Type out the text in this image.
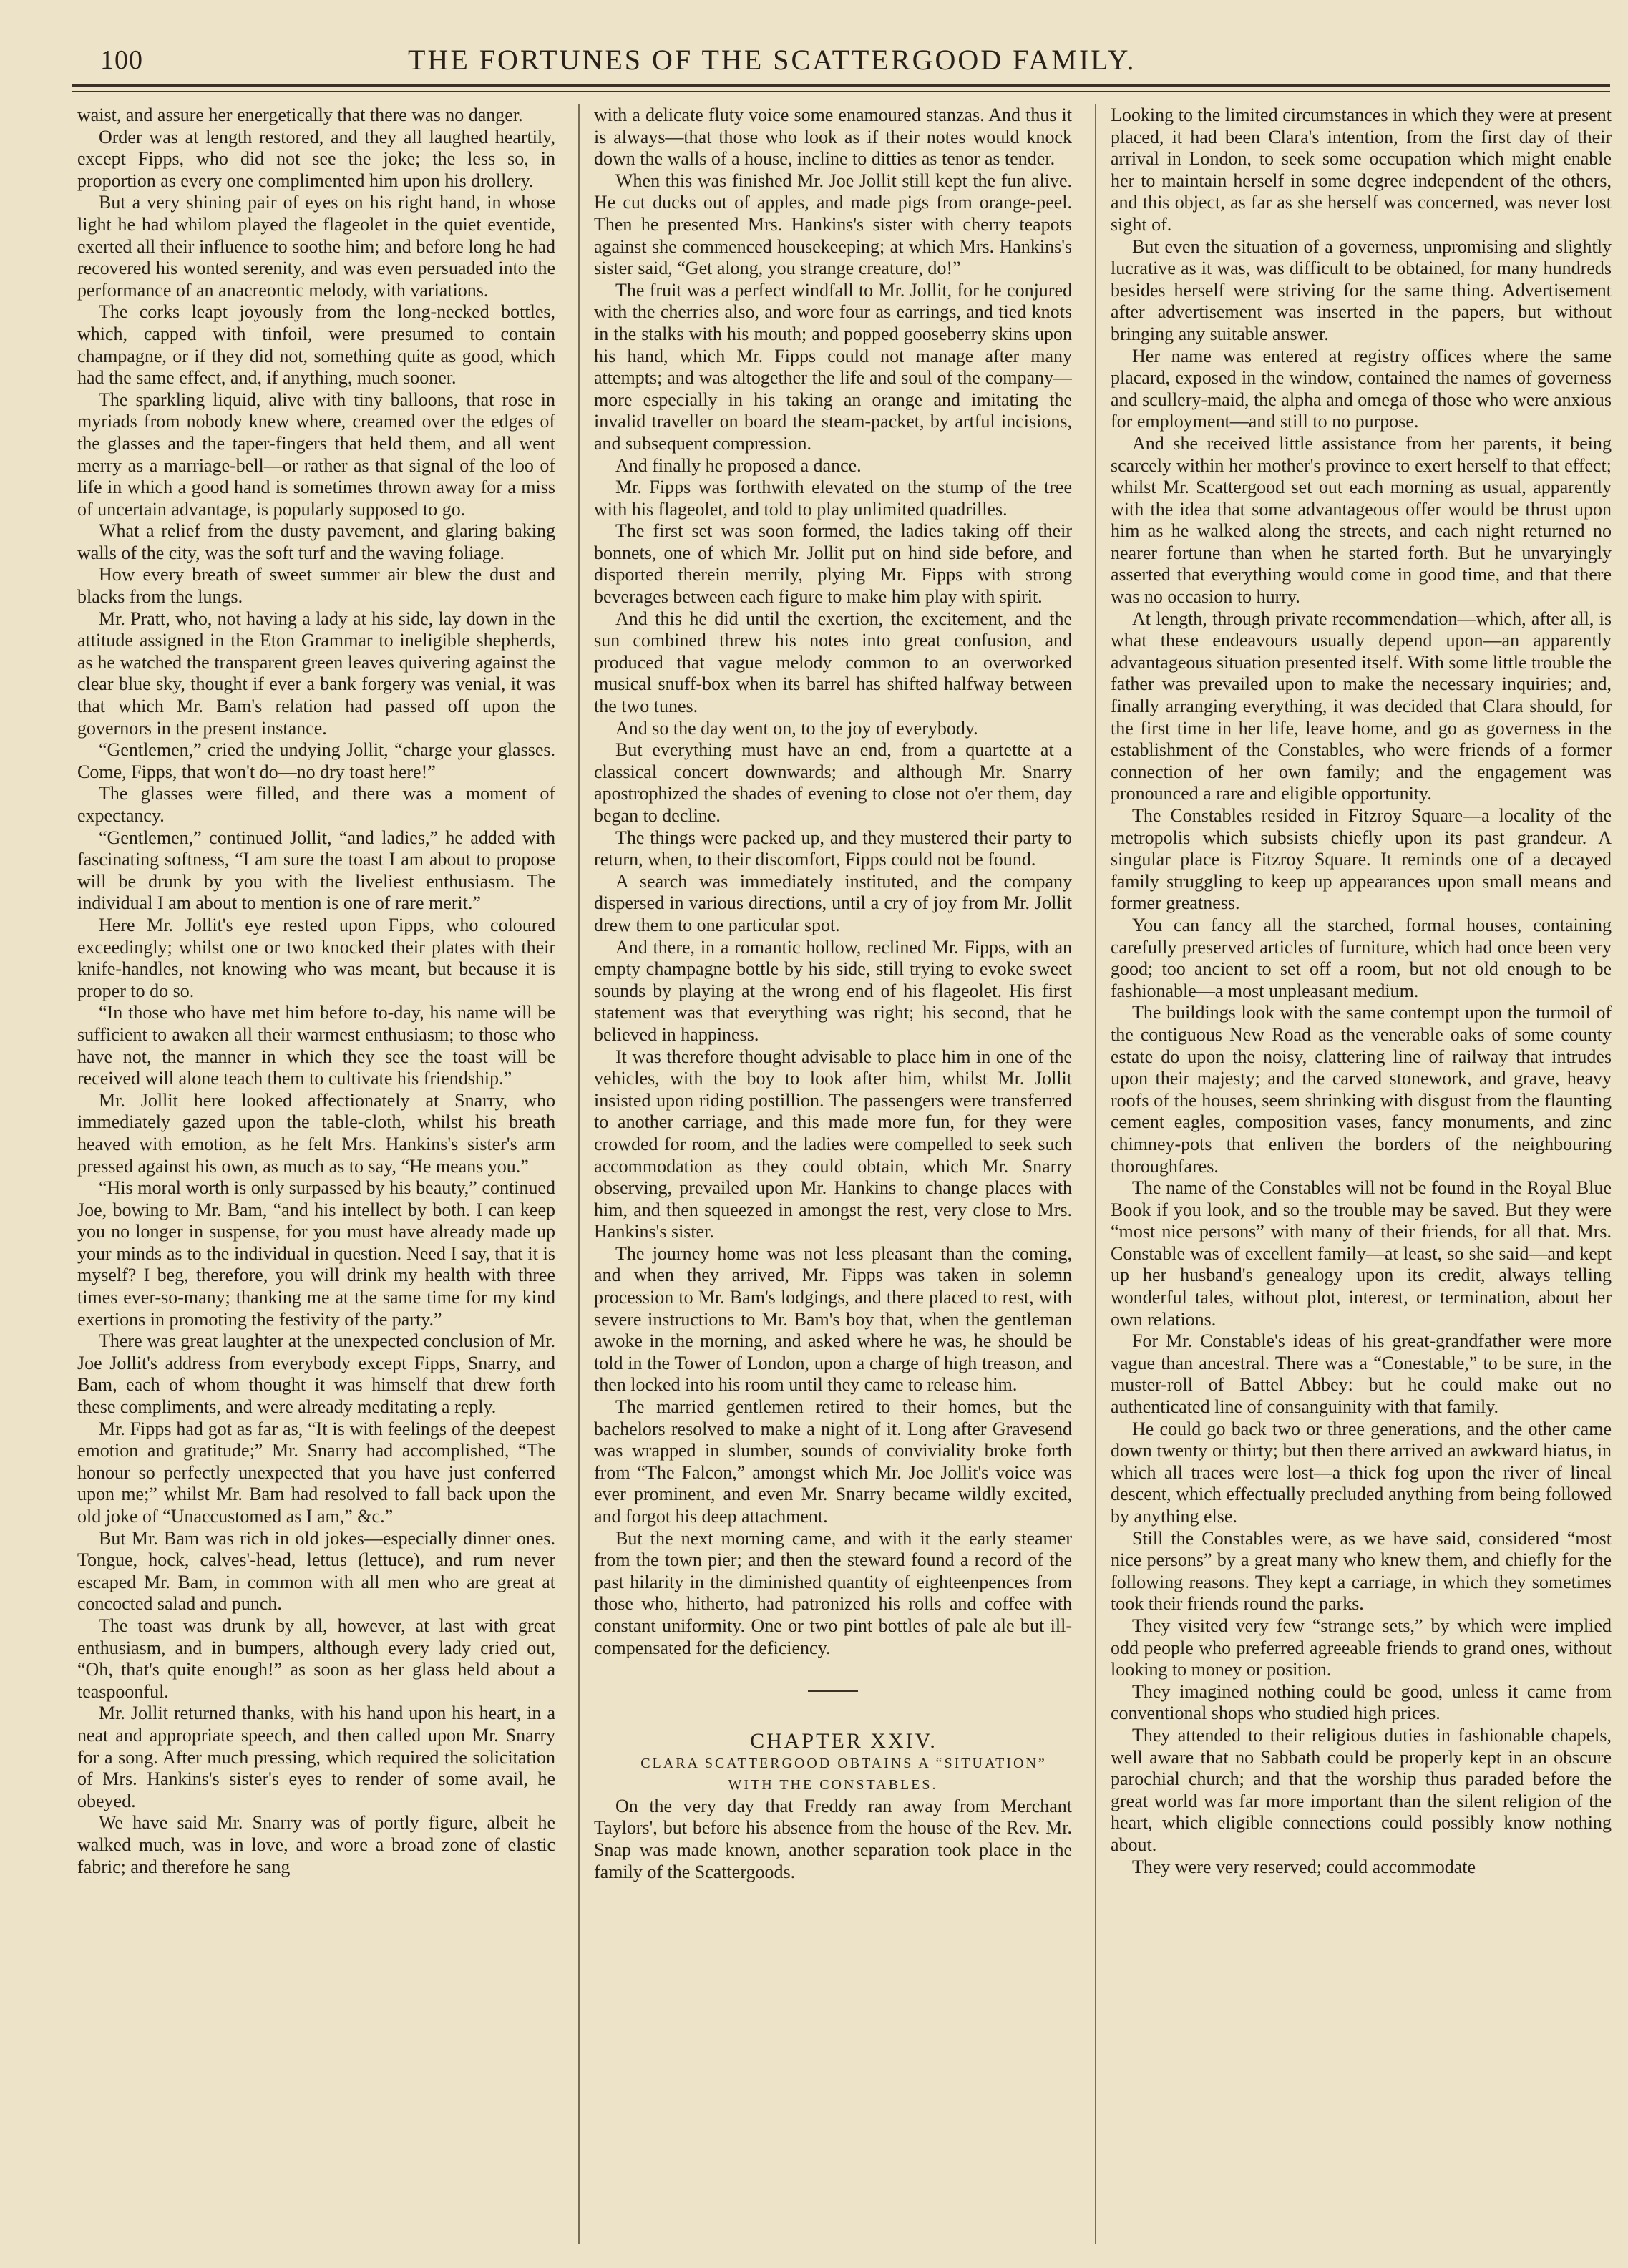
100	THE FORTUNES OF THE SCATTERGOOD FAMILY.

waist, and assure her energetically that there was no danger.

Order was at length restored, and they all laughed heartily, except Fipps, who did not see the joke; the less so, in proportion as every one complimented him upon his drollery.

But a very shining pair of eyes on his right hand, in whose light he had whilom played the flageolet in the quiet eventide, exerted all their influence to soothe him; and before long he had recovered his wonted serenity, and was even persuaded into the performance of an anacreontic melody, with variations.

The corks leapt joyously from the long-necked bottles, which, capped with tinfoil, were presumed to contain champagne, or if they did not, something quite as good, which had the same effect, and, if anything, much sooner.

The sparkling liquid, alive with tiny balloons, that rose in myriads from nobody knew where, creamed over the edges of the glasses and the taper-fingers that held them, and all went merry as a marriage-bell—or rather as that signal of the loo of life in which a good hand is sometimes thrown away for a miss of uncertain advantage, is popularly supposed to go.

What a relief from the dusty pavement, and glaring baking walls of the city, was the soft turf and the waving foliage.

How every breath of sweet summer air blew the dust and blacks from the lungs.

Mr. Pratt, who, not having a lady at his side, lay down in the attitude assigned in the Eton Grammar to ineligible shepherds, as he watched the transparent green leaves quivering against the clear blue sky, thought if ever a bank forgery was venial, it was that which Mr. Bam's relation had passed off upon the governors in the present instance.

“Gentlemen,” cried the undying Jollit, “charge your glasses. Come, Fipps, that won't do—no dry toast here!”

The glasses were filled, and there was a moment of expectancy.

“Gentlemen,” continued Jollit, “and ladies,” he added with fascinating softness, “I am sure the toast I am about to propose will be drunk by you with the liveliest enthusiasm. The individual I am about to mention is one of rare merit.”

Here Mr. Jollit's eye rested upon Fipps, who coloured exceedingly; whilst one or two knocked their plates with their knife-handles, not knowing who was meant, but because it is proper to do so.

“In those who have met him before to-day, his name will be sufficient to awaken all their warmest enthusiasm; to those who have not, the manner in which they see the toast will be received will alone teach them to cultivate his friendship.”

Mr. Jollit here looked affectionately at Snarry, who immediately gazed upon the table-cloth, whilst his breath heaved with emotion, as he felt Mrs. Hankins's sister's arm pressed against his own, as much as to say, “He means you.”

“His moral worth is only surpassed by his beauty,” continued Joe, bowing to Mr. Bam, “and his intellect by both. I can keep you no longer in suspense, for you must have already made up your minds as to the individual in question. Need I say, that it is myself? I beg, therefore, you will drink my health with three times ever-so-many; thanking me at the same time for my kind exertions in promoting the festivity of the party.”

There was great laughter at the unexpected conclusion of Mr. Joe Jollit's address from everybody except Fipps, Snarry, and Bam, each of whom thought it was himself that drew forth these compliments, and were already meditating a reply.

Mr. Fipps had got as far as, “It is with feelings of the deepest emotion and gratitude;” Mr. Snarry had accomplished, “The honour so perfectly unexpected that you have just conferred upon me;” whilst Mr. Bam had resolved to fall back upon the old joke of “Unaccustomed as I am,” &c.”

But Mr. Bam was rich in old jokes—especially dinner ones. Tongue, hock, calves'-head, lettus (lettuce), and rum never escaped Mr. Bam, in common with all men who are great at concocted salad and punch.

The toast was drunk by all, however, at last with great enthusiasm, and in bumpers, although every lady cried out, “Oh, that's quite enough!” as soon as her glass held about a teaspoonful.

Mr. Jollit returned thanks, with his hand upon his heart, in a neat and appropriate speech, and then called upon Mr. Snarry for a song. After much pressing, which required the solicitation of Mrs. Hankins's sister's eyes to render of some avail, he obeyed.

We have said Mr. Snarry was of portly figure, albeit he walked much, was in love, and wore a broad zone of elastic fabric; and therefore he sang

with a delicate fluty voice some enamoured stanzas. And thus it is always—that those who look as if their notes would knock down the walls of a house, incline to ditties as tenor as tender.

When this was finished Mr. Joe Jollit still kept the fun alive. He cut ducks out of apples, and made pigs from orange-peel. Then he presented Mrs. Hankins's sister with cherry teapots against she commenced housekeeping; at which Mrs. Hankins's sister said, “Get along, you strange creature, do!”

The fruit was a perfect windfall to Mr. Jollit, for he conjured with the cherries also, and wore four as earrings, and tied knots in the stalks with his mouth; and popped gooseberry skins upon his hand, which Mr. Fipps could not manage after many attempts; and was altogether the life and soul of the company—more especially in his taking an orange and imitating the invalid traveller on board the steam-packet, by artful incisions, and subsequent compression.

And finally he proposed a dance.

Mr. Fipps was forthwith elevated on the stump of the tree with his flageolet, and told to play unlimited quadrilles.

The first set was soon formed, the ladies taking off their bonnets, one of which Mr. Jollit put on hind side before, and disported therein merrily, plying Mr. Fipps with strong beverages between each figure to make him play with spirit.

And this he did until the exertion, the excitement, and the sun combined threw his notes into great confusion, and produced that vague melody common to an overworked musical snuff-box when its barrel has shifted halfway between the two tunes.

And so the day went on, to the joy of everybody.

But everything must have an end, from a quartette at a classical concert downwards; and although Mr. Snarry apostrophized the shades of evening to close not o'er them, day began to decline.

The things were packed up, and they mustered their party to return, when, to their discomfort, Fipps could not be found.

A search was immediately instituted, and the company dispersed in various directions, until a cry of joy from Mr. Jollit drew them to one particular spot.

And there, in a romantic hollow, reclined Mr. Fipps, with an empty champagne bottle by his side, still trying to evoke sweet sounds by playing at the wrong end of his flageolet. His first statement was that everything was right; his second, that he believed in happiness.

It was therefore thought advisable to place him in one of the vehicles, with the boy to look after him, whilst Mr. Jollit insisted upon riding postillion. The passengers were transferred to another carriage, and this made more fun, for they were crowded for room, and the ladies were compelled to seek such accommodation as they could obtain, which Mr. Snarry observing, prevailed upon Mr. Hankins to change places with him, and then squeezed in amongst the rest, very close to Mrs. Hankins's sister.

The journey home was not less pleasant than the coming, and when they arrived, Mr. Fipps was taken in solemn procession to Mr. Bam's lodgings, and there placed to rest, with severe instructions to Mr. Bam's boy that, when the gentleman awoke in the morning, and asked where he was, he should be told in the Tower of London, upon a charge of high treason, and then locked into his room until they came to release him.

The married gentlemen retired to their homes, but the bachelors resolved to make a night of it. Long after Gravesend was wrapped in slumber, sounds of conviviality broke forth from “The Falcon,” amongst which Mr. Joe Jollit's voice was ever prominent, and even Mr. Snarry became wildly excited, and forgot his deep attachment.

But the next morning came, and with it the early steamer from the town pier; and then the steward found a record of the past hilarity in the diminished quantity of eighteenpences from those who, hitherto, had patronized his rolls and coffee with constant uniformity. One or two pint bottles of pale ale but ill-compensated for the deficiency.

CHAPTER XXIV.

CLARA SCATTERGOOD OBTAINS A “SITUATION” WITH THE CONSTABLES.

On the very day that Freddy ran away from Merchant Taylors', but before his absence from the house of the Rev. Mr. Snap was made known, another separation took place in the family of the Scattergoods.

Looking to the limited circumstances in which they were at present placed, it had been Clara's intention, from the first day of their arrival in London, to seek some occupation which might enable her to maintain herself in some degree independent of the others, and this object, as far as she herself was concerned, was never lost sight of.

But even the situation of a governess, unpromising and slightly lucrative as it was, was difficult to be obtained, for many hundreds besides herself were striving for the same thing. Advertisement after advertisement was inserted in the papers, but without bringing any suitable answer.

Her name was entered at registry offices where the same placard, exposed in the window, contained the names of governess and scullery-maid, the alpha and omega of those who were anxious for employment—and still to no purpose.

And she received little assistance from her parents, it being scarcely within her mother's province to exert herself to that effect; whilst Mr. Scattergood set out each morning as usual, apparently with the idea that some advantageous offer would be thrust upon him as he walked along the streets, and each night returned no nearer fortune than when he started forth. But he unvaryingly asserted that everything would come in good time, and that there was no occasion to hurry.

At length, through private recommendation—which, after all, is what these endeavours usually depend upon—an apparently advantageous situation presented itself. With some little trouble the father was prevailed upon to make the necessary inquiries; and, finally arranging everything, it was decided that Clara should, for the first time in her life, leave home, and go as governess in the establishment of the Constables, who were friends of a former connection of her own family; and the engagement was pronounced a rare and eligible opportunity.

The Constables resided in Fitzroy Square—a locality of the metropolis which subsists chiefly upon its past grandeur. A singular place is Fitzroy Square. It reminds one of a decayed family struggling to keep up appearances upon small means and former greatness.

You can fancy all the starched, formal houses, containing carefully preserved articles of furniture, which had once been very good; too ancient to set off a room, but not old enough to be fashionable—a most unpleasant medium.

The buildings look with the same contempt upon the turmoil of the contiguous New Road as the venerable oaks of some county estate do upon the noisy, clattering line of railway that intrudes upon their majesty; and the carved stonework, and grave, heavy roofs of the houses, seem shrinking with disgust from the flaunting cement eagles, composition vases, fancy monuments, and zinc chimney-pots that enliven the borders of the neighbouring thoroughfares.

The name of the Constables will not be found in the Royal Blue Book if you look, and so the trouble may be saved. But they were “most nice persons” with many of their friends, for all that. Mrs. Constable was of excellent family—at least, so she said—and kept up her husband's genealogy upon its credit, always telling wonderful tales, without plot, interest, or termination, about her own relations.

For Mr. Constable's ideas of his great-grandfather were more vague than ancestral. There was a “Conestable,” to be sure, in the muster-roll of Battel Abbey: but he could make out no authenticated line of consanguinity with that family.

He could go back two or three generations, and the other came down twenty or thirty; but then there arrived an awkward hiatus, in which all traces were lost—a thick fog upon the river of lineal descent, which effectually precluded anything from being followed by anything else.

Still the Constables were, as we have said, considered “most nice persons” by a great many who knew them, and chiefly for the following reasons. They kept a carriage, in which they sometimes took their friends round the parks.

They visited very few “strange sets,” by which were implied odd people who preferred agreeable friends to grand ones, without looking to money or position.

They imagined nothing could be good, unless it came from conventional shops who studied high prices.

They attended to their religious duties in fashionable chapels, well aware that no Sabbath could be properly kept in an obscure parochial church; and that the worship thus paraded before the great world was far more important than the silent religion of the heart, which eligible connections could possibly know nothing about.

They were very reserved; could accommodate
